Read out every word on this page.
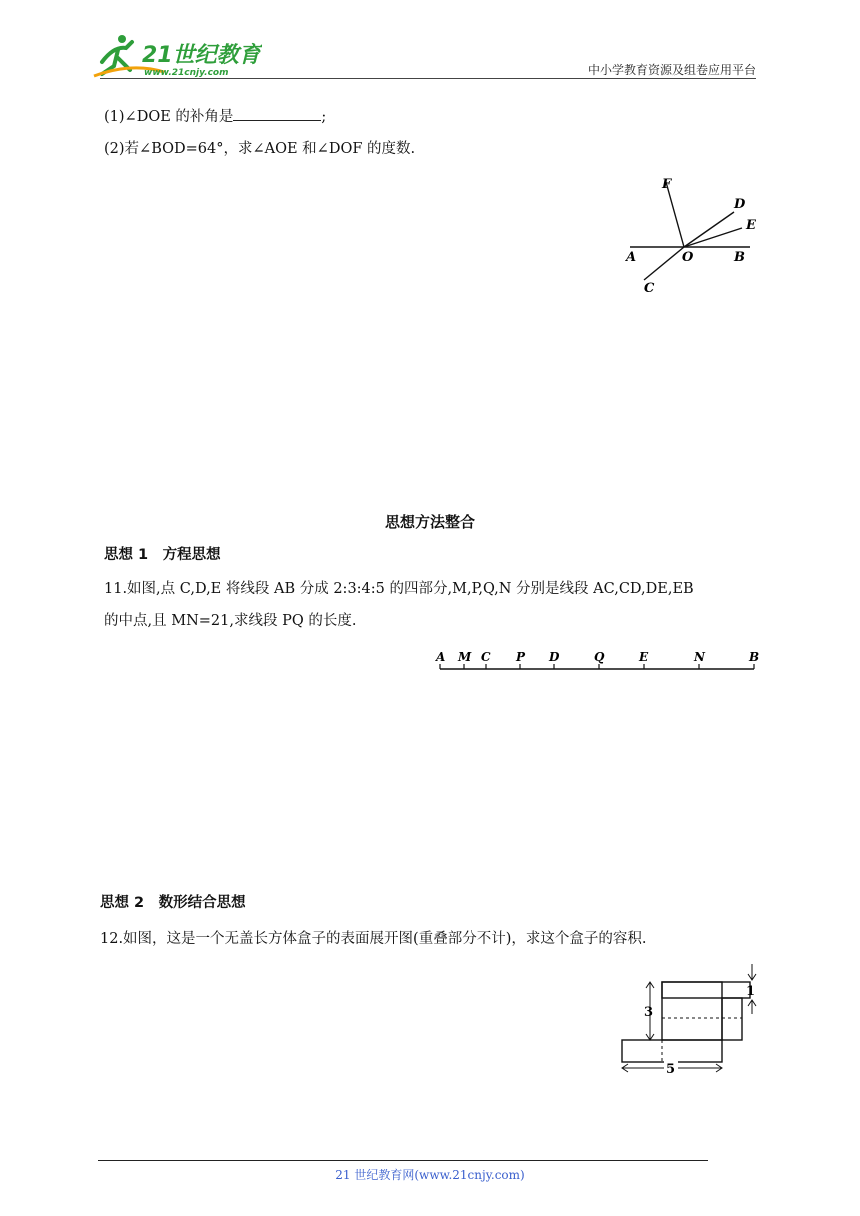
21世纪教育
www.21cnjy.com	中小学教育资源及组卷应用平台
(1)∠DOE 的补角是	;
(2)若∠BOD=64°，求∠AOE 和∠DOF 的度数.
F
D
E
A	O	B
C
思想方法整合
思想 1　方程思想
11.如图,点 C,D,E 将线段 AB 分成 2:3:4:5 的四部分,M,P,Q,N 分别是线段 AC,CD,DE,EB
的中点,且 MN=21,求线段 PQ 的长度.
A M C P D	Q	E	N	B
思想 2　数形结合思想
12.如图，这是一个无盖长方体盒子的表面展开图(重叠部分不计)，求这个盒子的容积.
3
1
5
21 世纪教育网(www.21cnjy.com)
